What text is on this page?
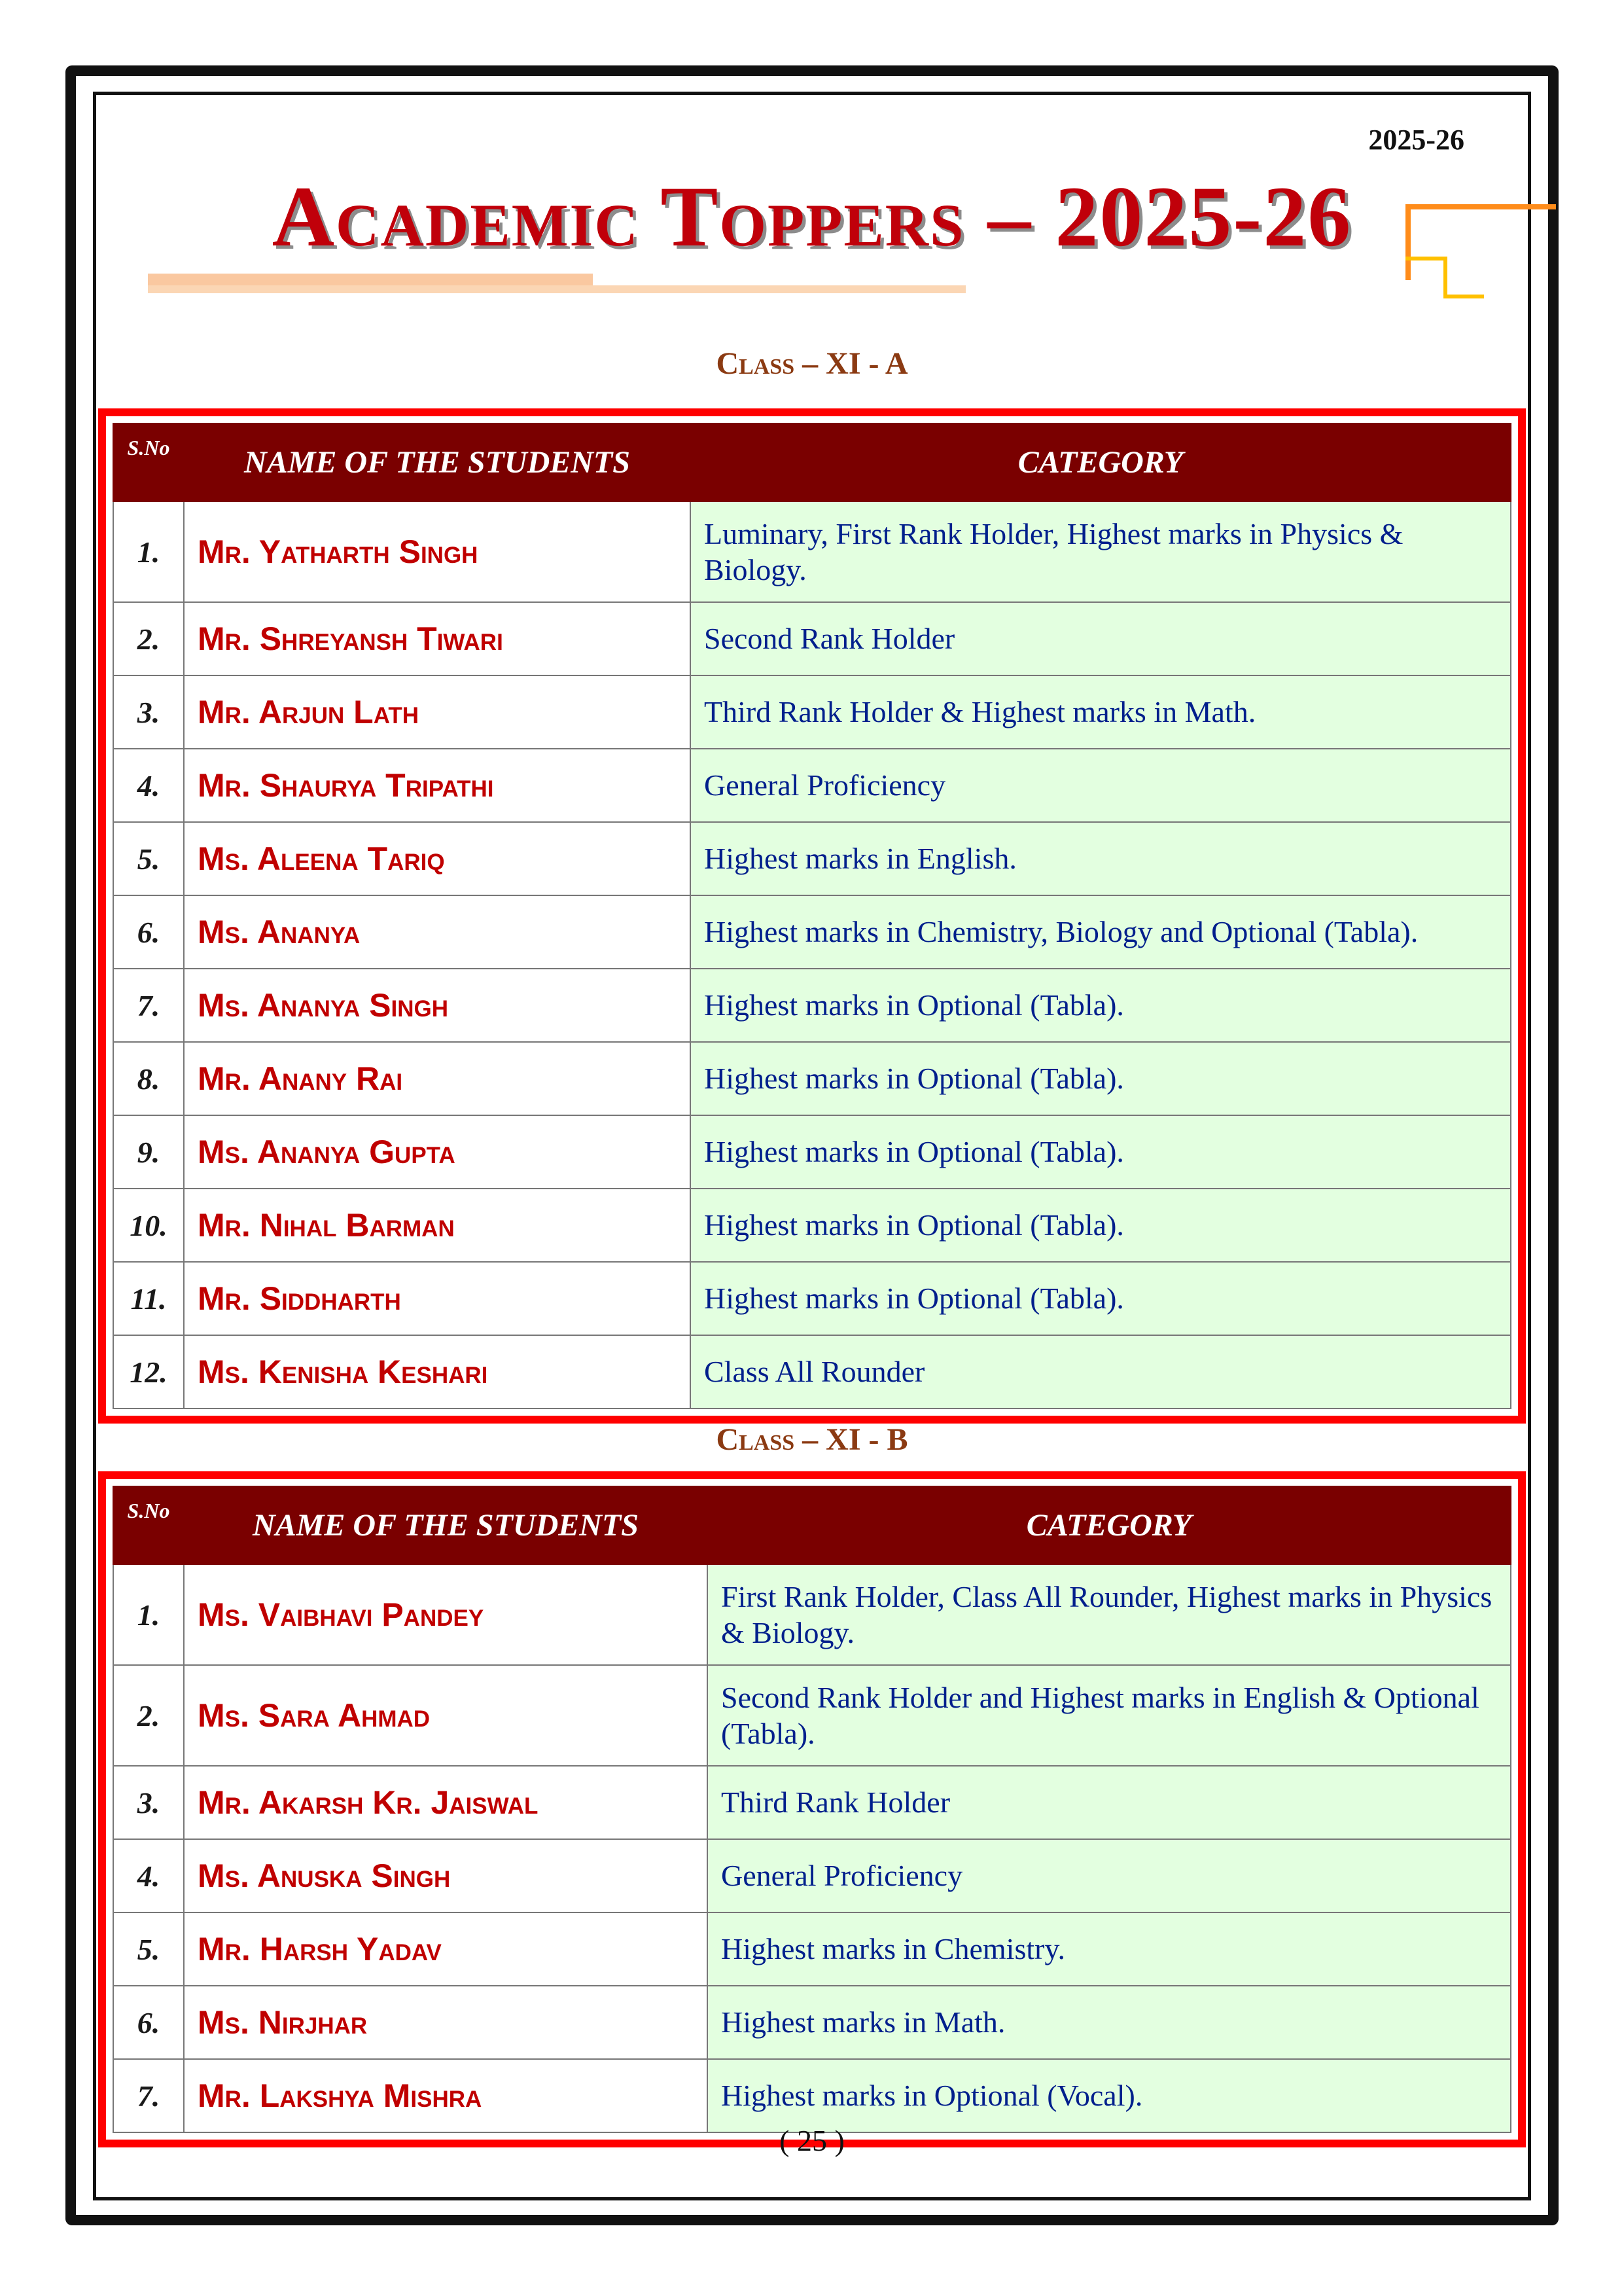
2025-26
Academic Toppers – 2025-26
Class – XI - A
S.No	NAME OF THE STUDENTS	CATEGORY
1.	Mr. Yatharth Singh	Luminary, First Rank Holder, Highest marks in Physics & Biology.
2.	Mr. Shreyansh Tiwari	Second Rank Holder
3.	Mr. Arjun Lath	Third Rank Holder & Highest marks in Math.
4.	Mr. Shaurya Tripathi	General Proficiency
5.	Ms. Aleena Tariq	Highest marks in English.
6.	Ms. Ananya	Highest marks in Chemistry, Biology and Optional (Tabla).
7.	Ms. Ananya Singh	Highest marks in Optional (Tabla).
8.	Mr. Anany Rai	Highest marks in Optional (Tabla).
9.	Ms. Ananya Gupta	Highest marks in Optional (Tabla).
10.	Mr. Nihal Barman	Highest marks in Optional (Tabla).
11.	Mr. Siddharth	Highest marks in Optional (Tabla).
12.	Ms. Kenisha Keshari	Class All Rounder
Class – XI - B
S.No	NAME OF THE STUDENTS	CATEGORY
1.	Ms. Vaibhavi Pandey	First Rank Holder, Class All Rounder, Highest marks in Physics & Biology.
2.	Ms. Sara Ahmad	Second Rank Holder and Highest marks in English & Optional (Tabla).
3.	Mr. Akarsh Kr. Jaiswal	Third Rank Holder
4.	Ms. Anuska Singh	General Proficiency
5.	Mr. Harsh Yadav	Highest marks in Chemistry.
6.	Ms. Nirjhar	Highest marks in Math.
7.	Mr. Lakshya Mishra	Highest marks in Optional (Vocal).
( 25 )
